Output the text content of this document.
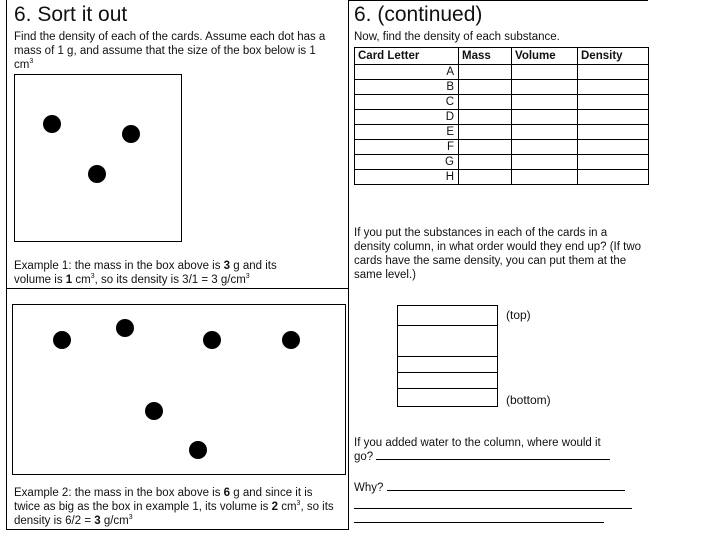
6. Sort it out
Find the density of each of the cards. Assume each dot has a mass of 1 g, and assume that the size of the box below is 1 $cm^3$
Example 1: the mass in the box above is 3 g and its volume is 1 $cm^3$, so its density is 3/1 = 3 $g/cm^3$
Example 2: the mass in the box above is 6 g and since it is twice as big as the box in example 1, its volume is 2 $cm^3$, so its density is 6/2 = 3 $g/cm^3$
6. (continued)
Now, find the density of each substance.
Card Letter	Mass	Volume	Density
A			
B			
C			
D			
E			
F			
G			
H			
If you put the substances in each of the cards in a density column, in what order would they end up? (If two cards have the same density, you can put them at the same level.)
(top)
(bottom)
If you added water to the column, where would it
go?
Why?
